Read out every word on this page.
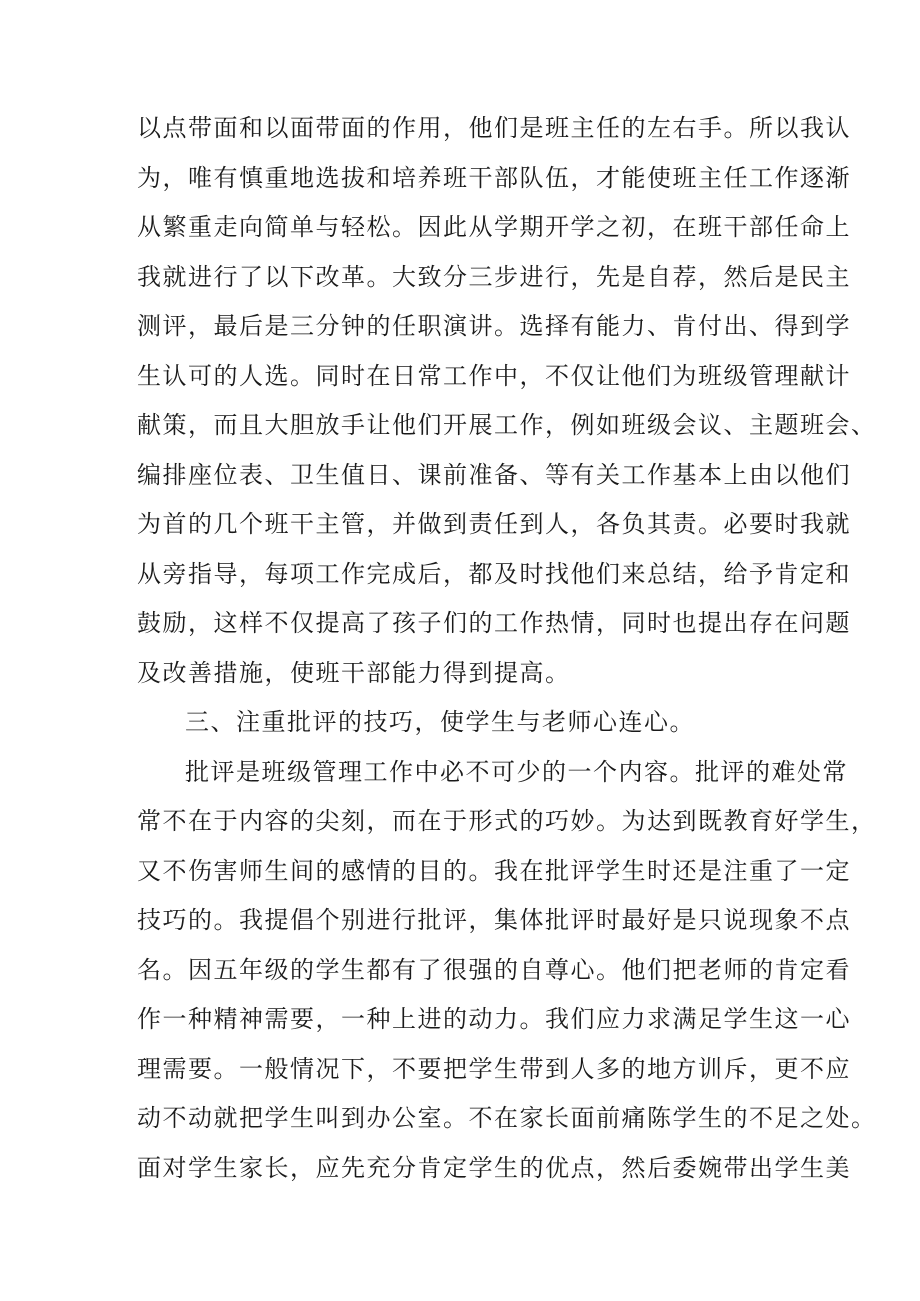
以点带面和以面带面的作用，他们是班主任的左右手。所以我认
为，唯有慎重地选拔和培养班干部队伍，才能使班主任工作逐渐
从繁重走向简单与轻松。因此从学期开学之初，在班干部任命上
我就进行了以下改革。大致分三步进行，先是自荐，然后是民主
测评，最后是三分钟的任职演讲。选择有能力、肯付出、得到学
生认可的人选。同时在日常工作中，不仅让他们为班级管理献计
献策，而且大胆放手让他们开展工作，例如班级会议、主题班会、
编排座位表、卫生值日、课前准备、等有关工作基本上由以他们
为首的几个班干主管，并做到责任到人，各负其责。必要时我就
从旁指导，每项工作完成后，都及时找他们来总结，给予肯定和
鼓励，这样不仅提高了孩子们的工作热情，同时也提出存在问题
及改善措施，使班干部能力得到提高。
三、注重批评的技巧，使学生与老师心连心。
批评是班级管理工作中必不可少的一个内容。批评的难处常
常不在于内容的尖刻，而在于形式的巧妙。为达到既教育好学生，
又不伤害师生间的感情的目的。我在批评学生时还是注重了一定
技巧的。我提倡个别进行批评，集体批评时最好是只说现象不点
名。因五年级的学生都有了很强的自尊心。他们把老师的肯定看
作一种精神需要，一种上进的动力。我们应力求满足学生这一心
理需要。一般情况下，不要把学生带到人多的地方训斥，更不应
动不动就把学生叫到办公室。不在家长面前痛陈学生的不足之处。
面对学生家长，应先充分肯定学生的优点，然后委婉带出学生美
